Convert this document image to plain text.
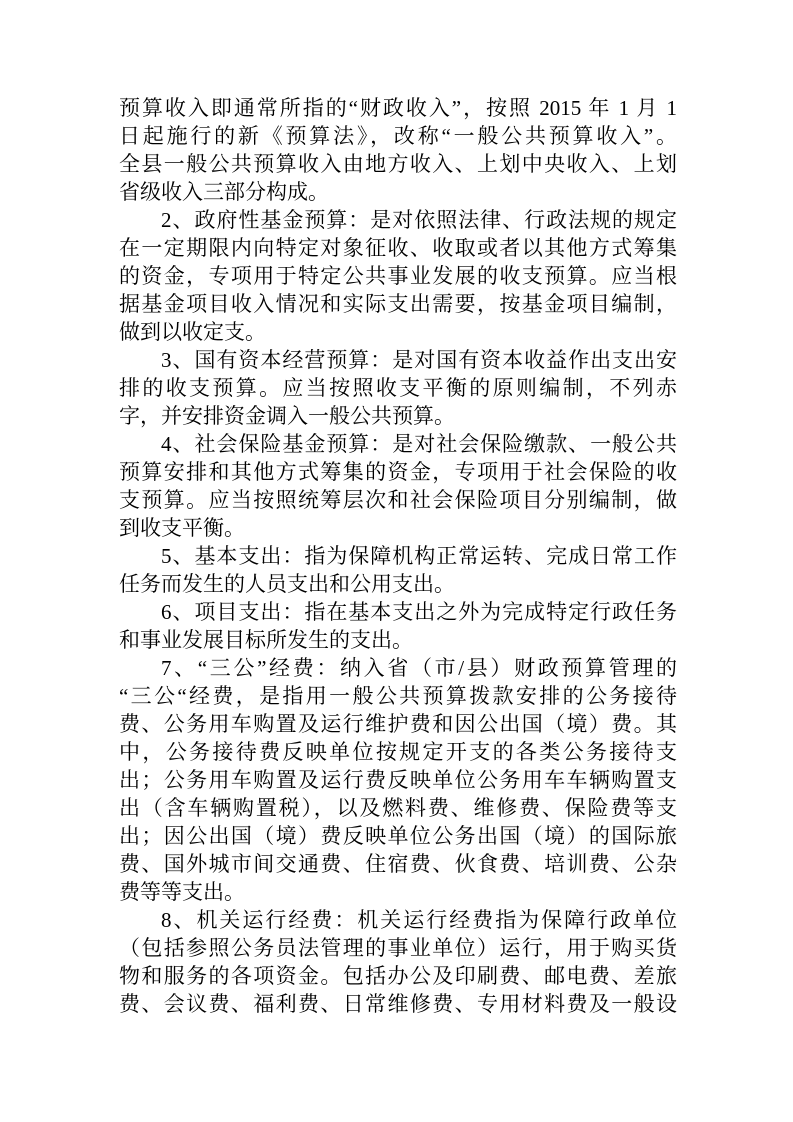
预算收入即通常所指的“财政收入”，按照 2015 年 1 月 1
日起施行的新《预算法》，改称“一般公共预算收入”。
全县一般公共预算收入由地方收入、上划中央收入、上划
省级收入三部分构成。
2、政府性基金预算：是对依照法律、行政法规的规定
在一定期限内向特定对象征收、收取或者以其他方式筹集
的资金，专项用于特定公共事业发展的收支预算。应当根
据基金项目收入情况和实际支出需要，按基金项目编制，
做到以收定支。
3、国有资本经营预算：是对国有资本收益作出支出安
排的收支预算。应当按照收支平衡的原则编制，不列赤
字，并安排资金调入一般公共预算。
4、社会保险基金预算：是对社会保险缴款、一般公共
预算安排和其他方式筹集的资金，专项用于社会保险的收
支预算。应当按照统筹层次和社会保险项目分别编制，做
到收支平衡。
5、基本支出：指为保障机构正常运转、完成日常工作
任务而发生的人员支出和公用支出。
6、项目支出：指在基本支出之外为完成特定行政任务
和事业发展目标所发生的支出。
7、“三公”经费：纳入省（市/县）财政预算管理的
“三公“经费，是指用一般公共预算拨款安排的公务接待
费、公务用车购置及运行维护费和因公出国（境）费。其
中，公务接待费反映单位按规定开支的各类公务接待支
出；公务用车购置及运行费反映单位公务用车车辆购置支
出（含车辆购置税），以及燃料费、维修费、保险费等支
出；因公出国（境）费反映单位公务出国（境）的国际旅
费、国外城市间交通费、住宿费、伙食费、培训费、公杂
费等等支出。
8、机关运行经费：机关运行经费指为保障行政单位
（包括参照公务员法管理的事业单位）运行，用于购买货
物和服务的各项资金。包括办公及印刷费、邮电费、差旅
费、会议费、福利费、日常维修费、专用材料费及一般设
